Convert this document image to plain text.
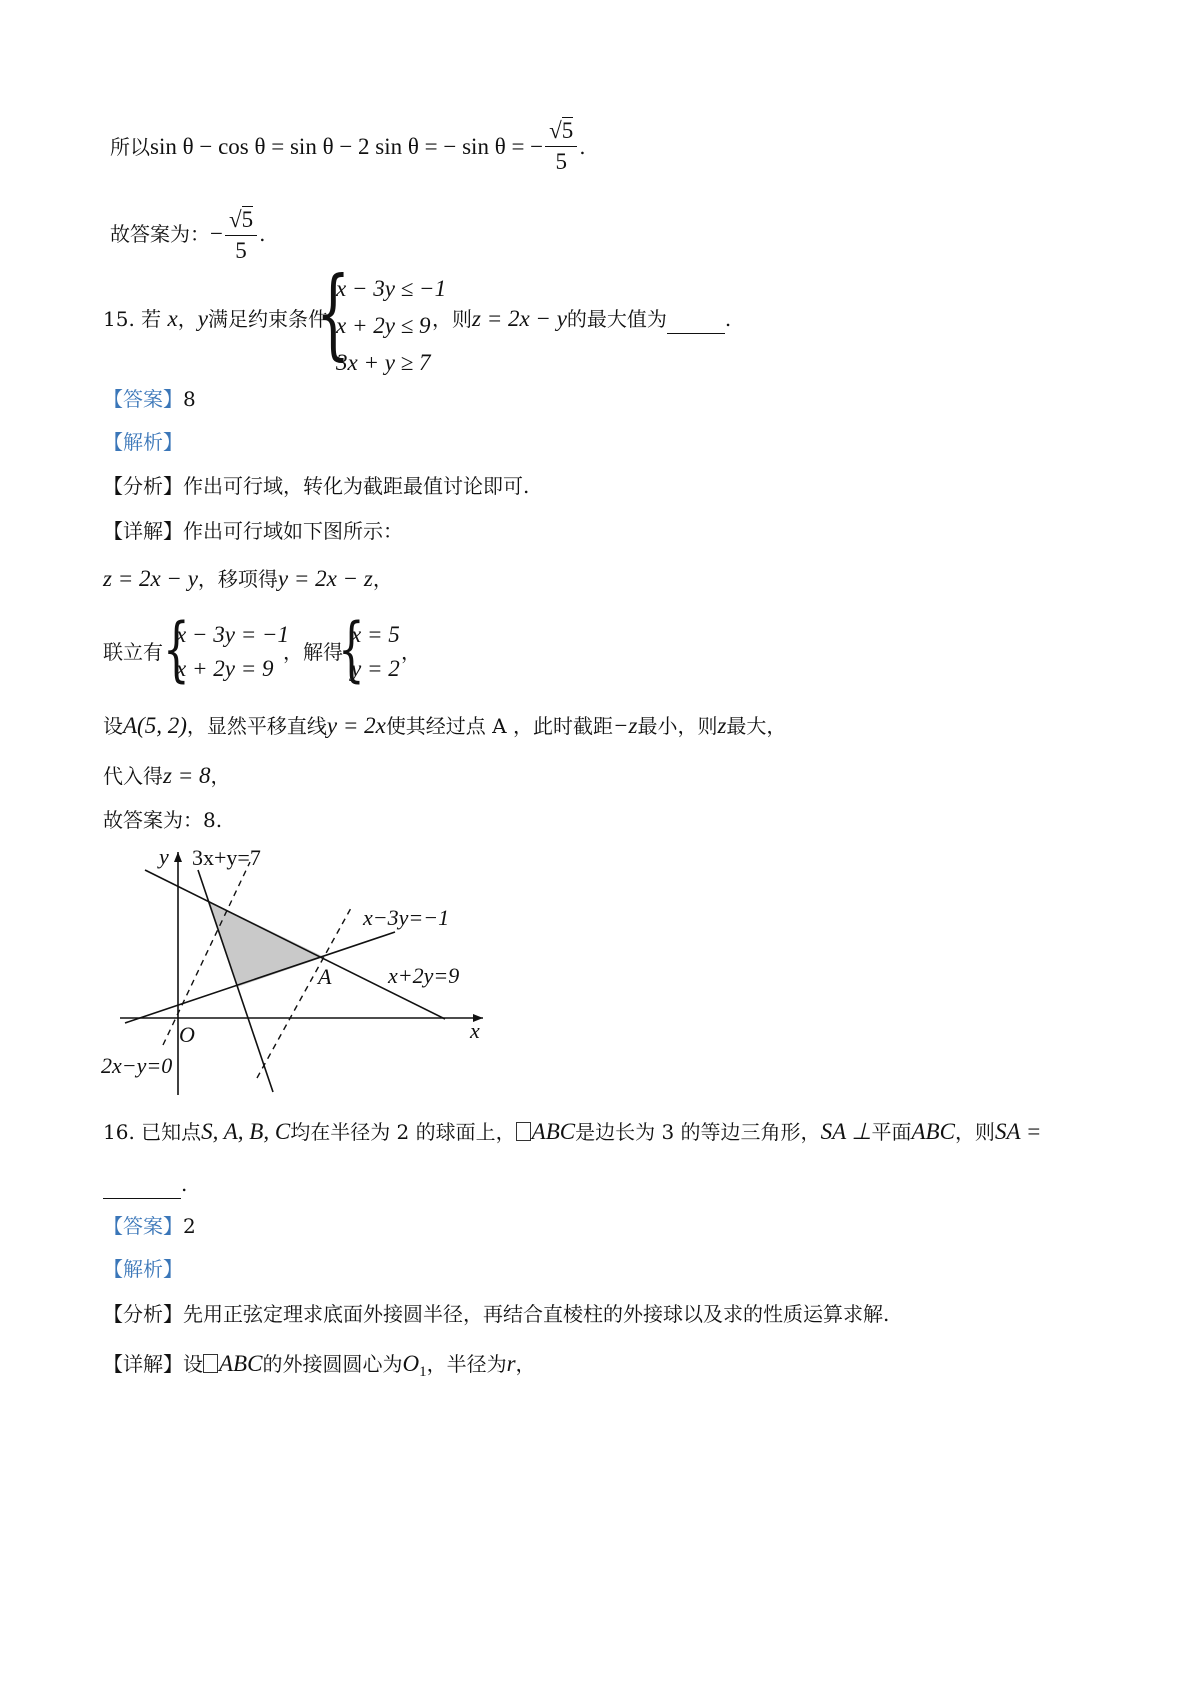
所以sin θ − cos θ = sin θ − 2 sin θ = − sin θ = − $\frac{√5}{5}$ .
故答案为：− $\frac{√5}{5}$ .
15. 若 x，y满足约束条件
{
x − 3y ≤ −1
x + 2y ≤ 9
3x + y ≥ 7
，则z = 2x − y的最大值为	.
【答案】8
【解析】
【分析】作出可行域，转化为截距最值讨论即可.
【详解】作出可行域如下图所示：
z = 2x − y，移项得y = 2x − z，
联立有 {
x − 3y = −1
x + 2y = 9
，解得
{
x = 5
y = 2
，
设A(5, 2)，显然平移直线y = 2x使其经过点 A ，此时截距−z最小，则z最大，
代入得z = 8，
故答案为：8.
y 3x+y=7
x−3y=−1
A	x+2y=9
O	x
2x−y=0
16. 已知点S, A, B, C均在半径为 2 的球面上， ABC是边长为 3 的等边三角形，SA ⊥平面ABC，则SA =
.
【答案】2
【解析】
【分析】先用正弦定理求底面外接圆半径，再结合直棱柱的外接球以及求的性质运算求解.
【详解】设 ABC的外接圆圆心为$O_1$，半径为r，
